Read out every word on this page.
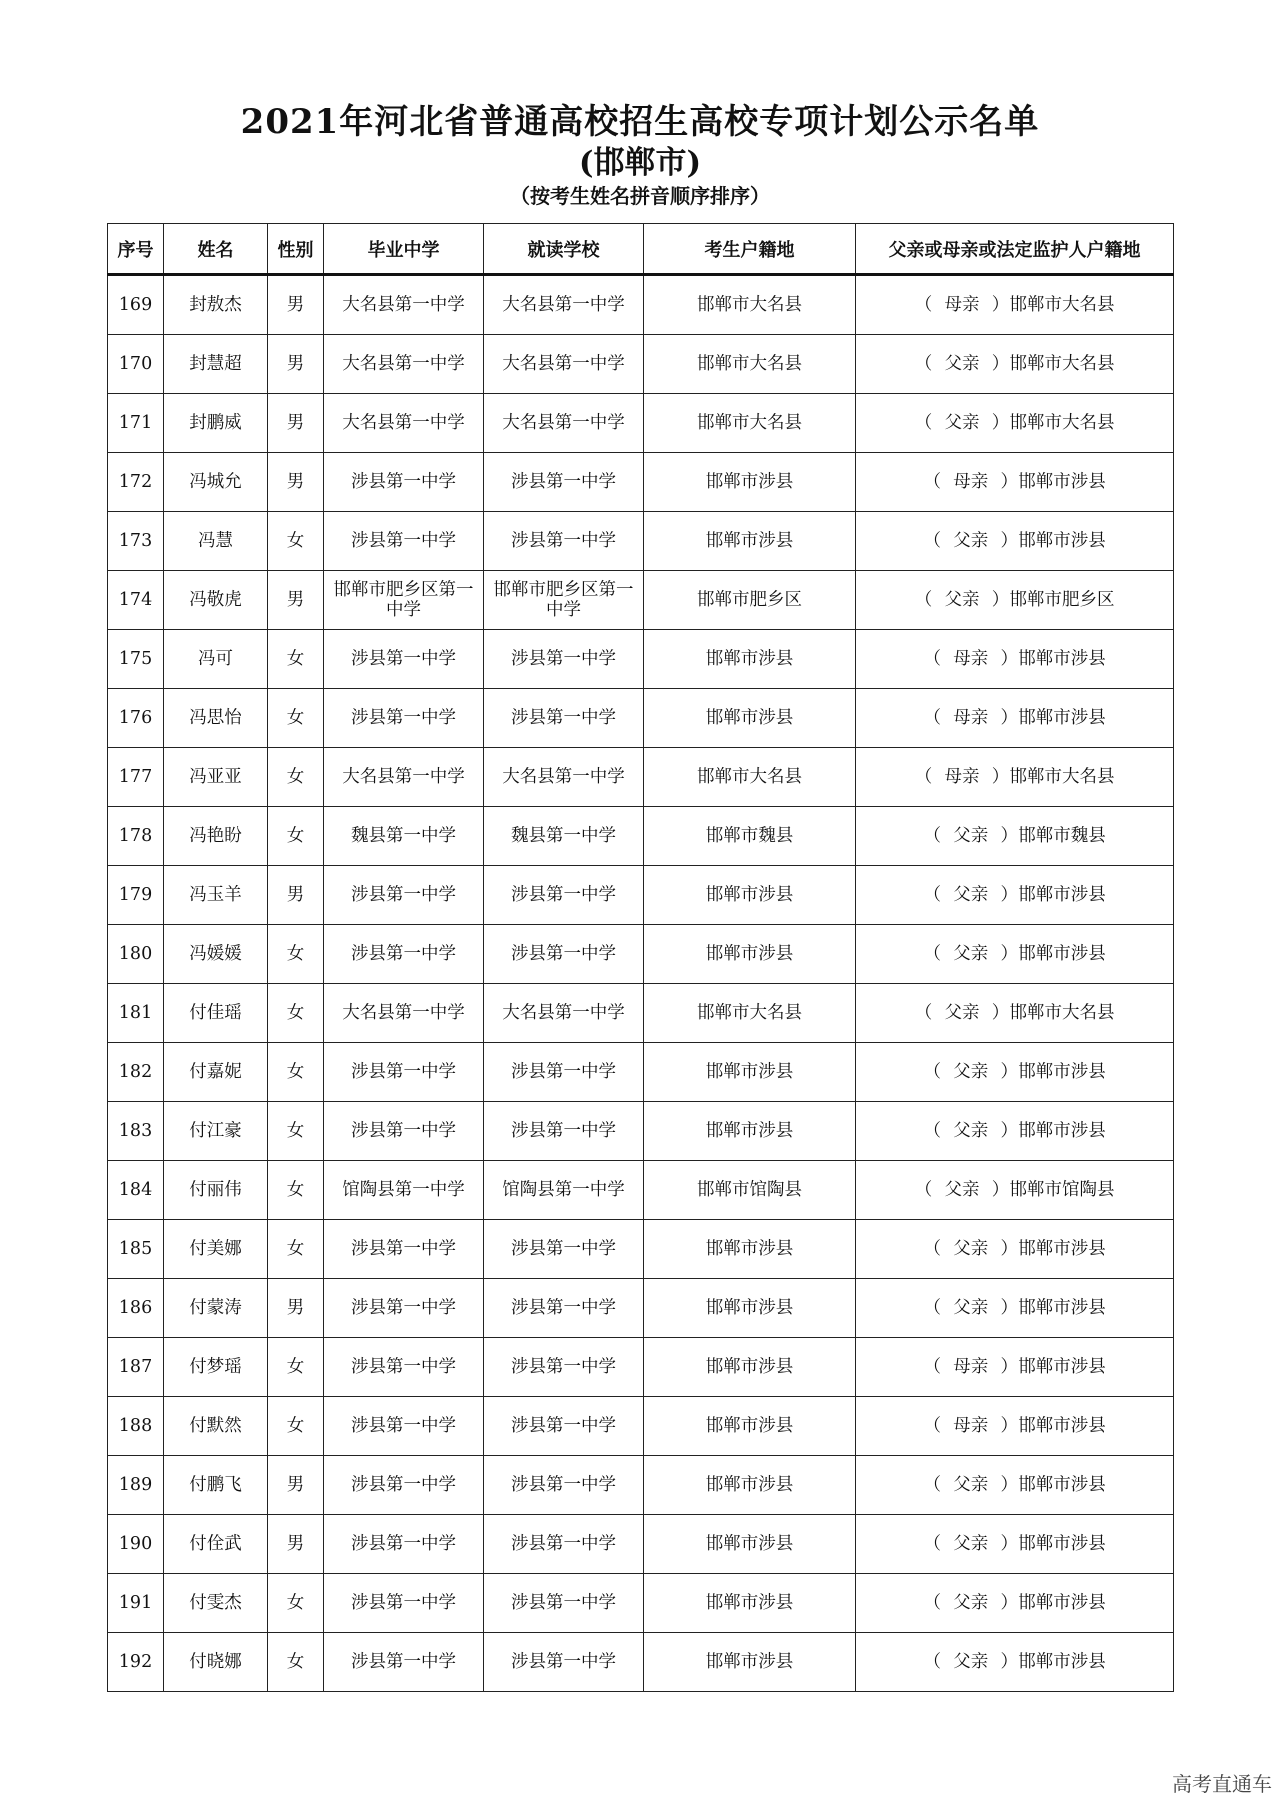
2021年河北省普通高校招生高校专项计划公示名单
(邯郸市)
（按考生姓名拼音顺序排序）
序号	姓名	性别	毕业中学	就读学校	考生户籍地	父亲或母亲或法定监护人户籍地
169	封敖杰	男	大名县第一中学	大名县第一中学	邯郸市大名县	（ 母亲 ）邯郸市大名县
170	封慧超	男	大名县第一中学	大名县第一中学	邯郸市大名县	（ 父亲 ）邯郸市大名县
171	封鹏威	男	大名县第一中学	大名县第一中学	邯郸市大名县	（ 父亲 ）邯郸市大名县
172	冯城允	男	涉县第一中学	涉县第一中学	邯郸市涉县	（ 母亲 ）邯郸市涉县
173	冯慧	女	涉县第一中学	涉县第一中学	邯郸市涉县	（ 父亲 ）邯郸市涉县
174	冯敬虎	男	邯郸市肥乡区第一中学	邯郸市肥乡区第一中学	邯郸市肥乡区	（ 父亲 ）邯郸市肥乡区
175	冯可	女	涉县第一中学	涉县第一中学	邯郸市涉县	（ 母亲 ）邯郸市涉县
176	冯思怡	女	涉县第一中学	涉县第一中学	邯郸市涉县	（ 母亲 ）邯郸市涉县
177	冯亚亚	女	大名县第一中学	大名县第一中学	邯郸市大名县	（ 母亲 ）邯郸市大名县
178	冯艳盼	女	魏县第一中学	魏县第一中学	邯郸市魏县	（ 父亲 ）邯郸市魏县
179	冯玉羊	男	涉县第一中学	涉县第一中学	邯郸市涉县	（ 父亲 ）邯郸市涉县
180	冯媛媛	女	涉县第一中学	涉县第一中学	邯郸市涉县	（ 父亲 ）邯郸市涉县
181	付佳瑶	女	大名县第一中学	大名县第一中学	邯郸市大名县	（ 父亲 ）邯郸市大名县
182	付嘉妮	女	涉县第一中学	涉县第一中学	邯郸市涉县	（ 父亲 ）邯郸市涉县
183	付江豪	女	涉县第一中学	涉县第一中学	邯郸市涉县	（ 父亲 ）邯郸市涉县
184	付丽伟	女	馆陶县第一中学	馆陶县第一中学	邯郸市馆陶县	（ 父亲 ）邯郸市馆陶县
185	付美娜	女	涉县第一中学	涉县第一中学	邯郸市涉县	（ 父亲 ）邯郸市涉县
186	付蒙涛	男	涉县第一中学	涉县第一中学	邯郸市涉县	（ 父亲 ）邯郸市涉县
187	付梦瑶	女	涉县第一中学	涉县第一中学	邯郸市涉县	（ 母亲 ）邯郸市涉县
188	付默然	女	涉县第一中学	涉县第一中学	邯郸市涉县	（ 母亲 ）邯郸市涉县
189	付鹏飞	男	涉县第一中学	涉县第一中学	邯郸市涉县	（ 父亲 ）邯郸市涉县
190	付佺武	男	涉县第一中学	涉县第一中学	邯郸市涉县	（ 父亲 ）邯郸市涉县
191	付雯杰	女	涉县第一中学	涉县第一中学	邯郸市涉县	（ 父亲 ）邯郸市涉县
192	付晓娜	女	涉县第一中学	涉县第一中学	邯郸市涉县	（ 父亲 ）邯郸市涉县
高考直通车
